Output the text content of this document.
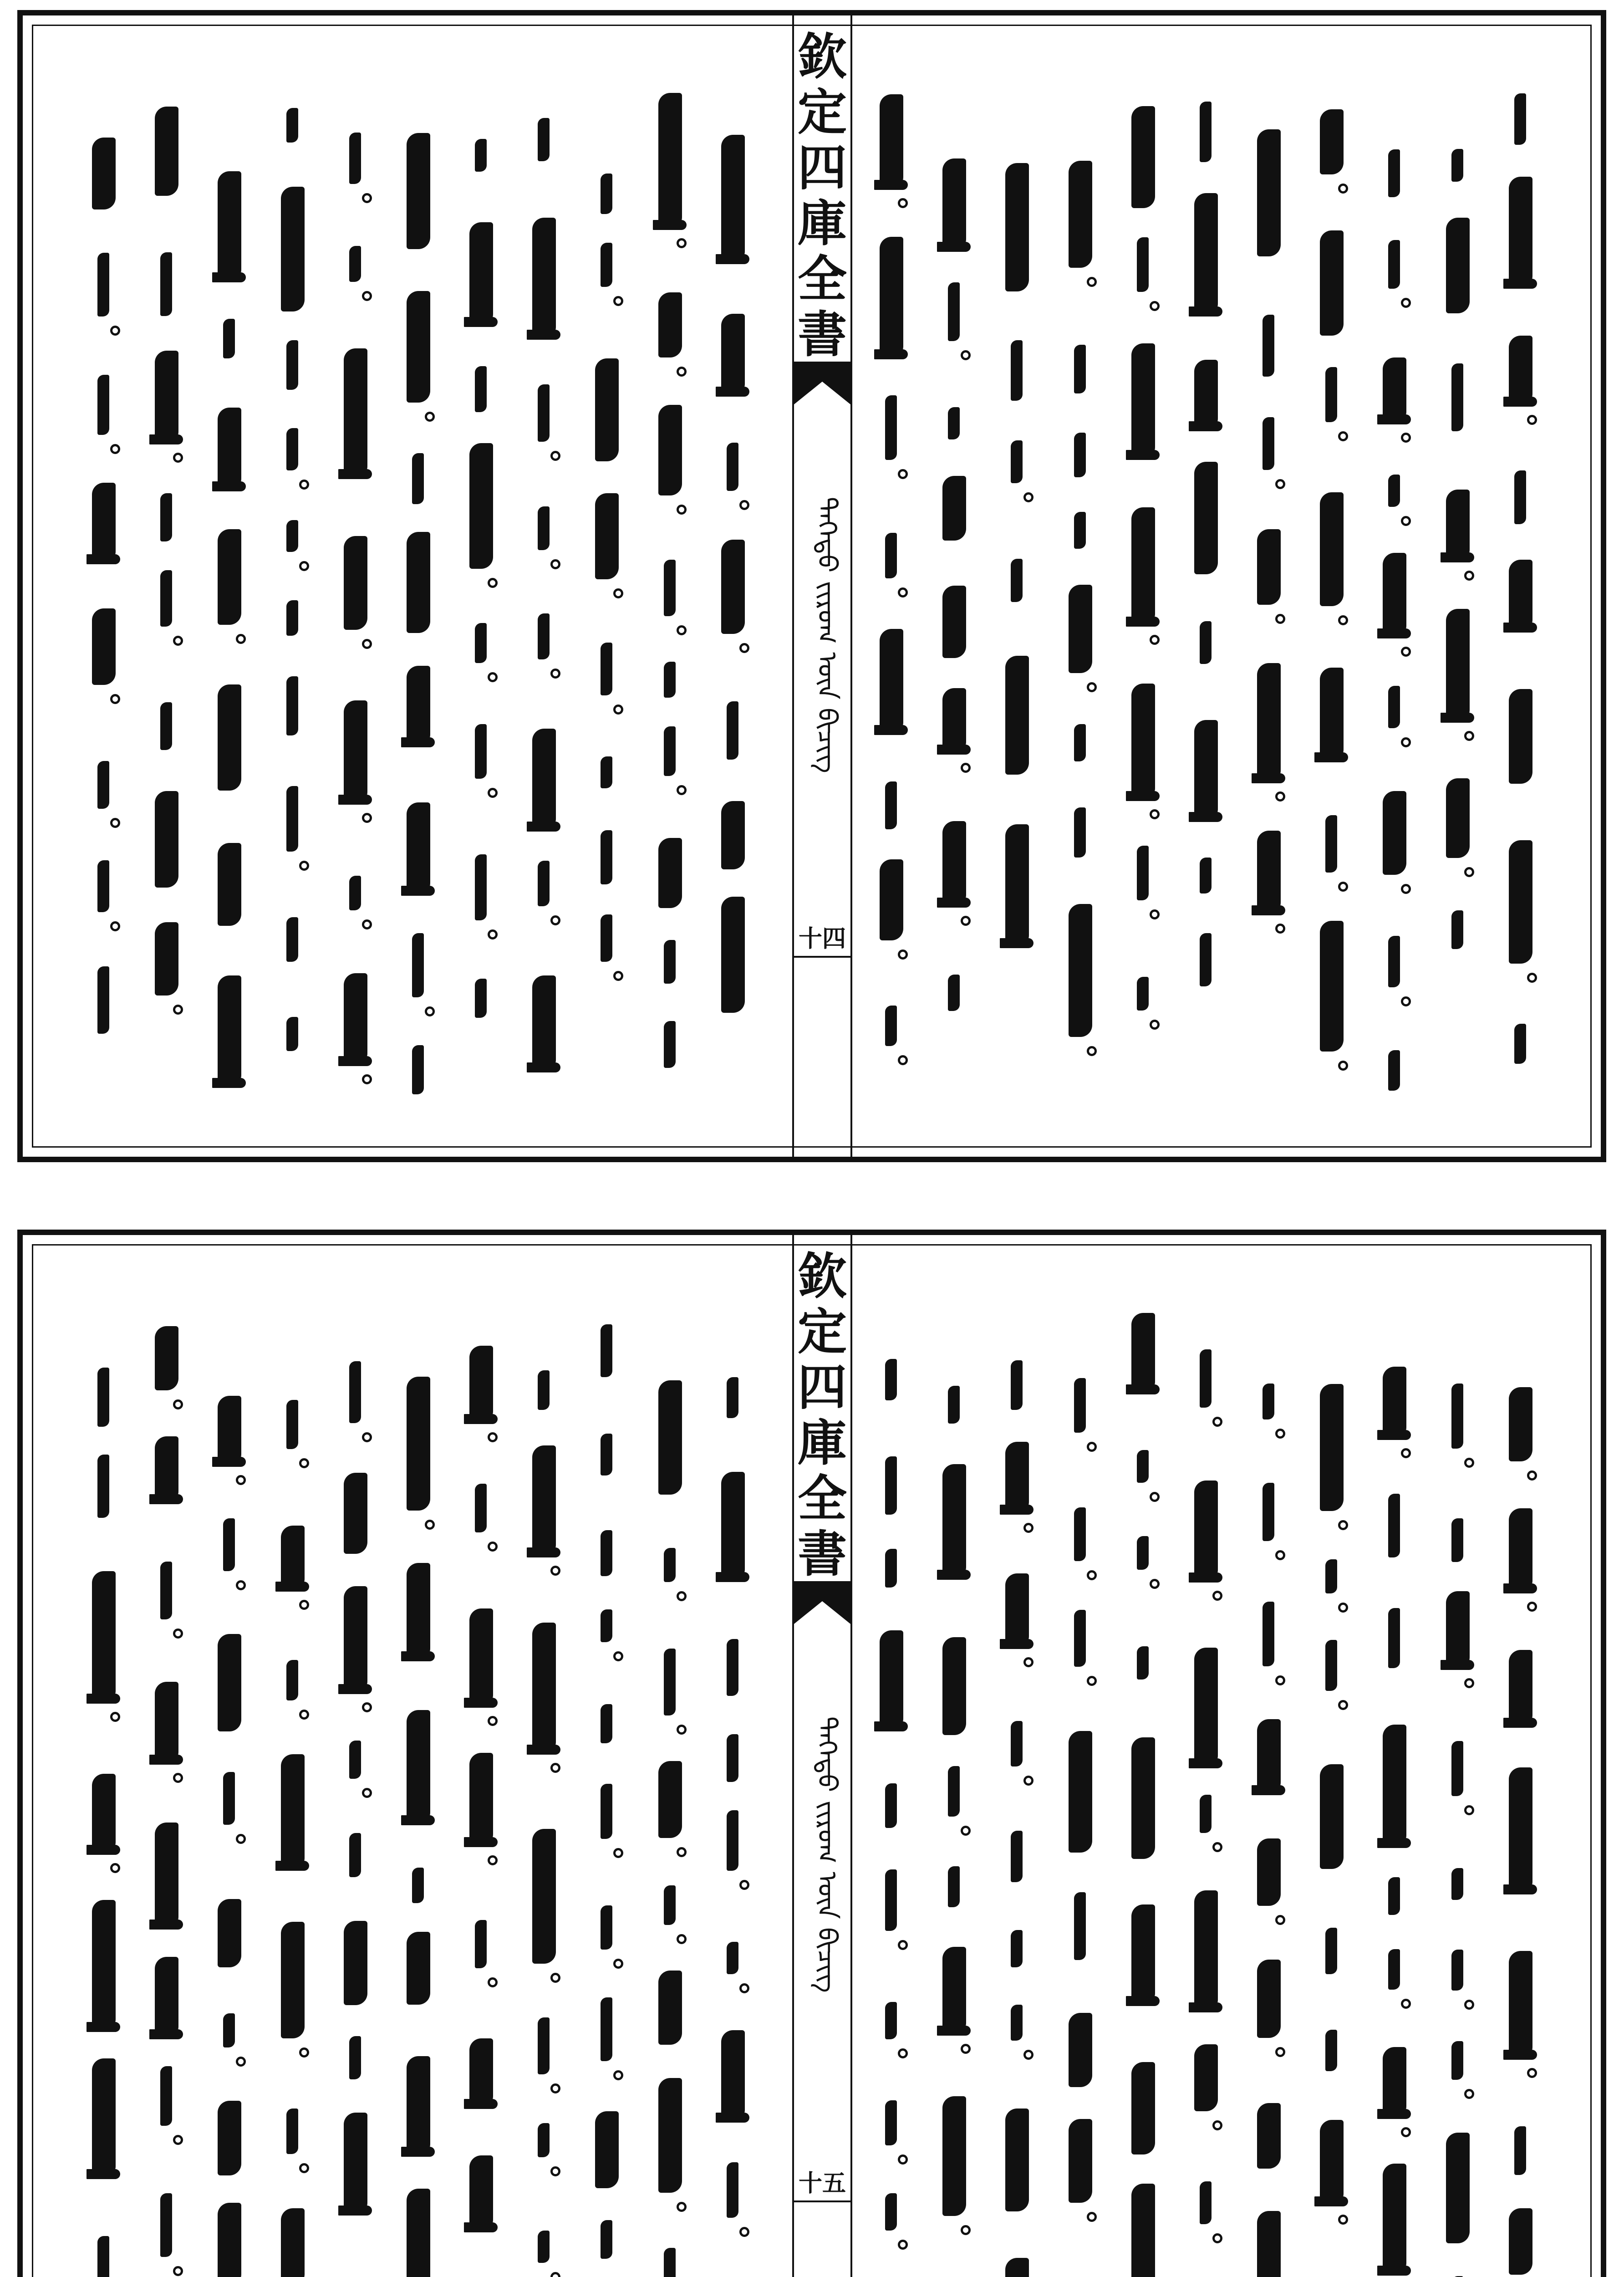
欽
定
四
庫
全
書
ᠳᠡᠭᠡᠳᠦ ᠵᠢᠷᠤᠭ ᠦᠨ ᠪᠢᠴᠢᠭ
十四
欽
定
四
庫
全
書
ᠳᠡᠭᠡᠳᠦ ᠵᠢᠷᠤᠭ ᠦᠨ ᠪᠢᠴᠢᠭ
十五
